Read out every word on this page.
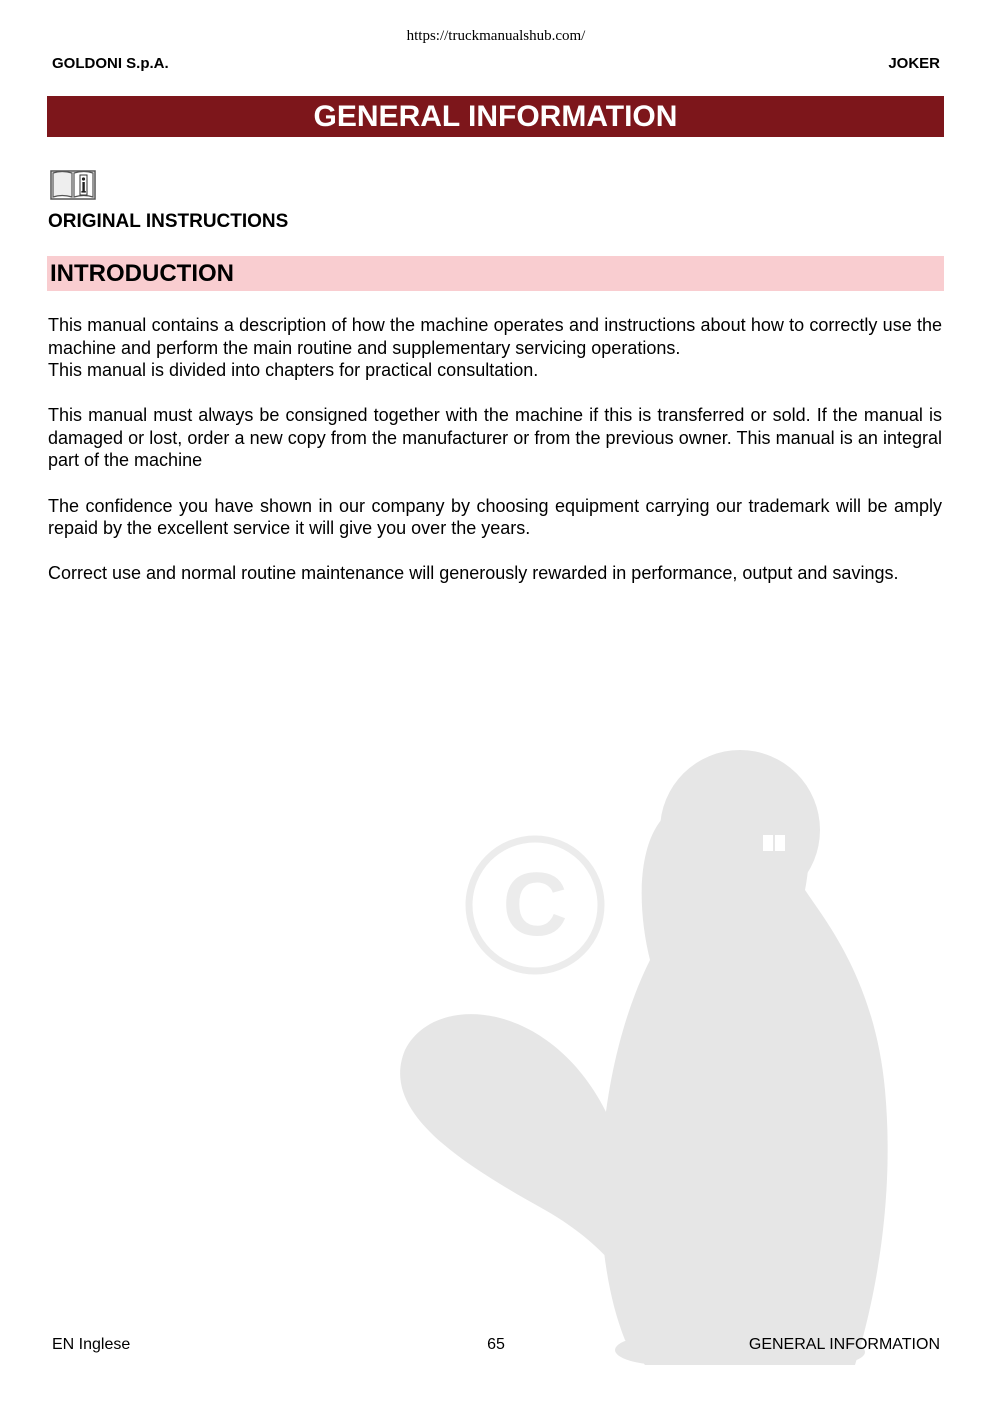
https://truckmanualshub.com/
GOLDONI S.p.A.	JOKER
GENERAL INFORMATION
ORIGINAL INSTRUCTIONS
INTRODUCTION
C

This manual contains a description of how the machine operates and instructions about how to correctly use the machine and perform the main routine and supplementary servicing operations.
This manual is divided into chapters for practical consultation.

This manual must always be consigned together with the machine if this is transferred or sold. If the manual is damaged or lost, order a new copy from the manufacturer or from the previous owner. This manual is an integral part of the machine

The confidence you have shown in our company by choosing equipment carrying our trademark will be amply repaid by the excellent service it will give you over the years.

Correct use and normal routine maintenance will generously rewarded in performance, output and savings.

EN Inglese	65	GENERAL INFORMATION
